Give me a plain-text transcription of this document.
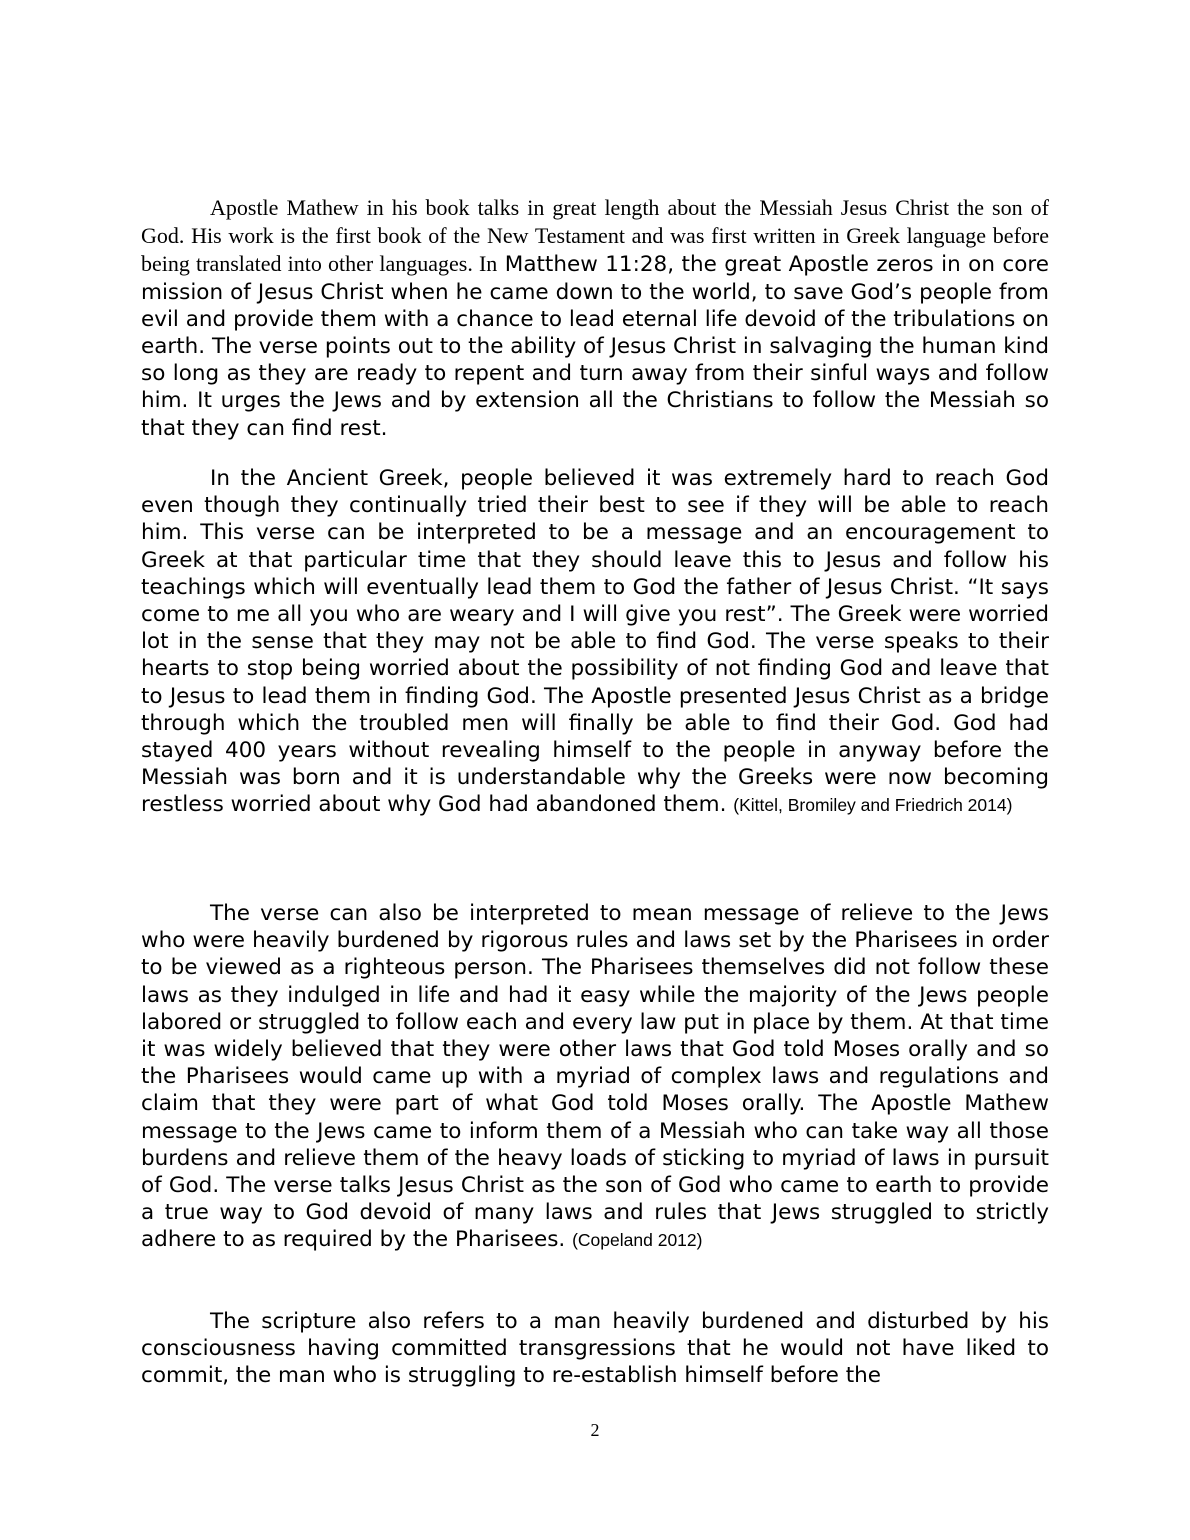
Apostle Mathew in his book talks in great length about the Messiah Jesus Christ the son of God. His work is the first book of the New Testament and was first written in Greek language before being translated into other languages. In Matthew 11:28, the great Apostle zeros in on core mission of Jesus Christ when he came down to the world, to save God’s people from evil and provide them with a chance to lead eternal life devoid of the tribulations on earth. The verse points out to the ability of Jesus Christ in salvaging the human kind so long as they are ready to repent and turn away from their sinful ways and follow him. It urges the Jews and by extension all the Christians to follow the Messiah so that they can find rest.

In the Ancient Greek, people believed it was extremely hard to reach God even though they continually tried their best to see if they will be able to reach him. This verse can be interpreted to be a message and an encouragement to Greek at that particular time that they should leave this to Jesus and follow his teachings which will eventually lead them to God the father of Jesus Christ. “It says come to me all you who are weary and I will give you rest”. The Greek were worried lot in the sense that they may not be able to find God. The verse speaks to their hearts to stop being worried about the possibility of not finding God and leave that to Jesus to lead them in finding God. The Apostle presented Jesus Christ as a bridge through which the troubled men will finally be able to find their God. God had stayed 400 years without revealing himself to the people in anyway before the Messiah was born and it is understandable why the Greeks were now becoming restless worried about why God had abandoned them. (Kittel, Bromiley and Friedrich 2014)

The verse can also be interpreted to mean message of relieve to the Jews who were heavily burdened by rigorous rules and laws set by the Pharisees in order to be viewed as a righteous person. The Pharisees themselves did not follow these laws as they indulged in life and had it easy while the majority of the Jews people labored or struggled to follow each and every law put in place by them. At that time it was widely believed that they were other laws that God told Moses orally and so the Pharisees would came up with a myriad of complex laws and regulations and claim that they were part of what God told Moses orally. The Apostle Mathew message to the Jews came to inform them of a Messiah who can take way all those burdens and relieve them of the heavy loads of sticking to myriad of laws in pursuit of God. The verse talks Jesus Christ as the son of God who came to earth to provide a true way to God devoid of many laws and rules that Jews struggled to strictly adhere to as required by the Pharisees. (Copeland 2012)

The scripture also refers to a man heavily burdened and disturbed by his consciousness having committed transgressions that he would not have liked to commit, the man who is struggling to re-establish himself before the

2
